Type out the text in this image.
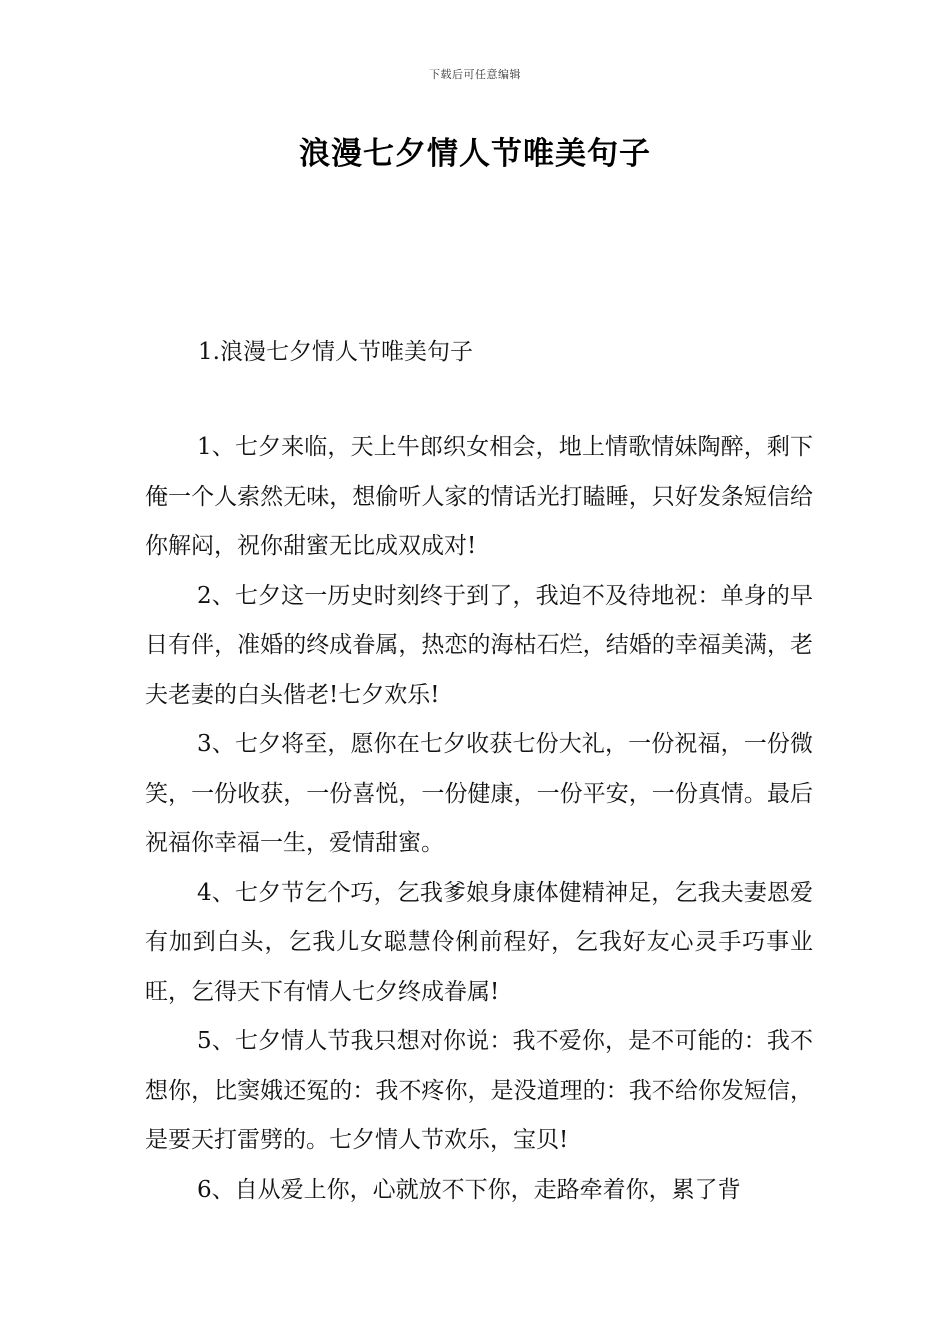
下载后可任意编辑
浪漫七夕情人节唯美句子
1.浪漫七夕情人节唯美句子

1、七夕来临，天上牛郎织女相会，地上情歌情妹陶醉，剩下俺一个人索然无味，想偷听人家的情话光打瞌睡，只好发条短信给你解闷，祝你甜蜜无比成双成对!

2、七夕这一历史时刻终于到了，我迫不及待地祝：单身的早日有伴，准婚的终成眷属，热恋的海枯石烂，结婚的幸福美满，老夫老妻的白头偕老!七夕欢乐!

3、七夕将至，愿你在七夕收获七份大礼，一份祝福，一份微笑，一份收获，一份喜悦，一份健康，一份平安，一份真情。最后祝福你幸福一生，爱情甜蜜。

4、七夕节乞个巧，乞我爹娘身康体健精神足，乞我夫妻恩爱有加到白头，乞我儿女聪慧伶俐前程好，乞我好友心灵手巧事业旺，乞得天下有情人七夕终成眷属!

5、七夕情人节我只想对你说：我不爱你，是不可能的：我不想你，比窦娥还冤的：我不疼你，是没道理的：我不给你发短信，是要天打雷劈的。七夕情人节欢乐，宝贝!

6、自从爱上你，心就放不下你，走路牵着你，累了背
